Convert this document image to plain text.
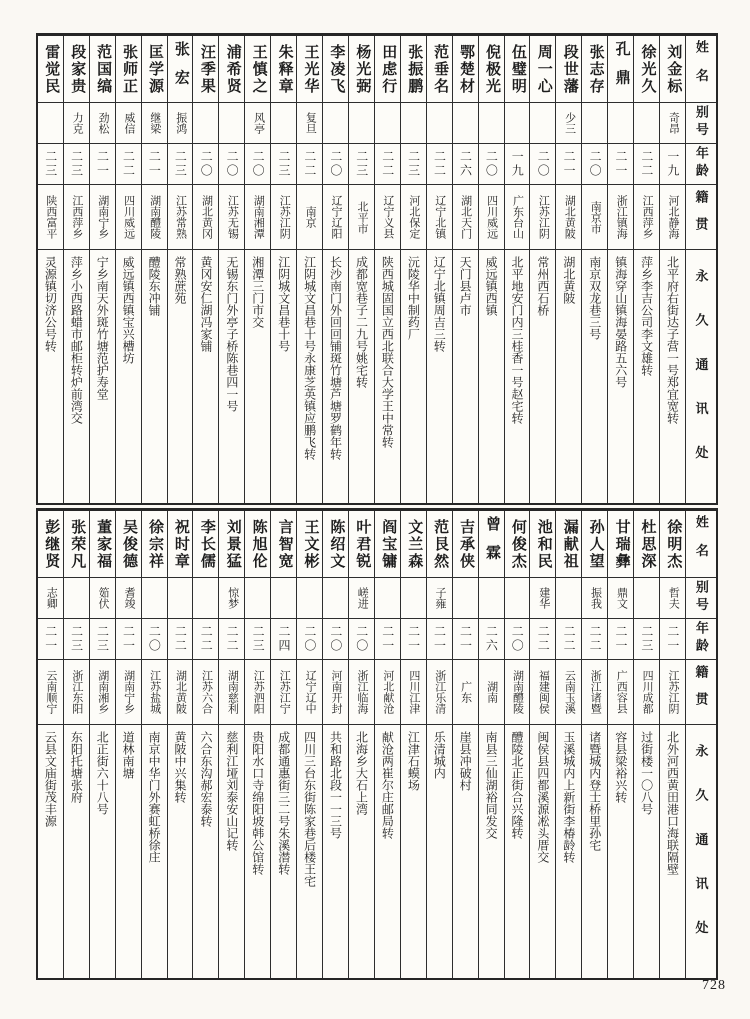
姓名
别号
年龄
籍贯
永久通讯处
刘金标
奇昂
一九
河北静海
北平府右街达子营一号郑宜宽转
徐光久
二二
江西萍乡
萍乡李吉公司李文雄转
孔鼎
二一
浙江镇海
镇海穿山镇海晏路五六号
张志存
二〇
南京市
南京双龙巷三号
段世藩
少三
二一
湖北黄陂
湖北黄陂
周一心
二〇
江苏江阴
常州西石桥
伍璧明
一九
广东台山
北平地安门内三桂香一号赵宅转
倪极光
二〇
四川威远
威远镇西镇
鄂楚材
二六
湖北天门
天门县卢市
范垂名
二二
辽宁北镇
辽宁北镇周吉三转
张振鹏
二三
河北保定
沅陵华中制药厂
田虑行
二二
辽宁义县
陕西城固国立西北联合大学王中常转
杨光弼
二三
北平市
成都宽巷子二九号姚宅转
李凌飞
二〇
辽宁辽阳
长沙南门外回回铺斑竹塘芦塘罗鹤年转
王光华
复旦
二二
南京
江阴城文昌巷十号永康芝英镇应鹏飞转
朱释章
二三
江苏江阴
江阴城文昌巷十号
王慎之
风亭
二〇
湖南湘潭
湘潭三门市交
浦希贤
二〇
江苏无锡
无锡东门外亭子桥陈巷四一号
汪季果
二〇
湖北黄冈
黄冈安仁湖冯家铺
张宏
振鸿
二三
江苏常熟
常熟蔗苑
匡学源
继梁
二一
湖南醴陵
醴陵东冲铺
张师正
威信
二二
四川威远
威远镇西镇宝兴槽坊
范国缟
劲松
二一
湖南宁乡
宁乡南天外斑竹塘范护寿堂
段家贵
力克
二三
江西萍乡
萍乡小西路蜡市邮柜转炉前湾交
雷觉民
二三
陕西富平
灵源镇切济公号转
姓名
别号
年龄
籍贯
永久通讯处
徐明杰
哲夫
二一
江苏江阴
北外河西黄田港口海联隔壁
杜思深
二三
四川成都
过街楼一〇八号
甘瑞彝
鼎文
二一
广西容县
容县梁裕兴转
孙人望
振我
二二
浙江诸暨
诸暨城内登士桥里孙宅
漏献祖
二二
云南玉溪
玉溪城内上新街李椿龄转
池和民
建华
二二
福建闽侯
闽侯县四都溪源凇头厝交
何俊杰
二〇
湖南醴陵
醴陵北正街合兴隆转
曾霖
二六
湖南
南县三仙湖裕同发交
吉承侠
二一
广东
崖县冲破村
范艮然
子雍
二一
浙江乐清
乐清城内
文兰森
二一
四川江津
江津石蟆场
阎宝镛
二一
河北献沧
献沧两崔尔庄邮局转
叶君锐
嵯进
二〇
浙江临海
北海乡大石上湾
陈绍文
二〇
河南开封
共和路北段一一三号
王文彬
二〇
辽宁辽中
四川三台东街陈家巷后楼王宅
言智宽
二四
江苏江宁
成都通惠街三二号朱溪潜转
陈旭伦
二三
江苏泗阳
贵阳水口寺绵阳坡韩公馆转
刘景猛
惊梦
二二
湖南慈利
慈利江垭刘泰安山记转
李长儒
二二
江苏六合
六合东沟郝宏泰转
祝时章
二二
湖北黄陂
黄陂中兴集转
徐宗祥
二〇
江苏盐城
南京中华门外赛虹桥徐庄
吴俊德
耆竣
二一
湖南宁乡
道林南塘
董家福
筎伏
二三
湖南湘乡
北正街六十八号
张荣凡
二三
浙江东阳
东阳托塘张府
彭继贤
志卿
二一
云南顺宁
云县文庙街茂丰源
728
